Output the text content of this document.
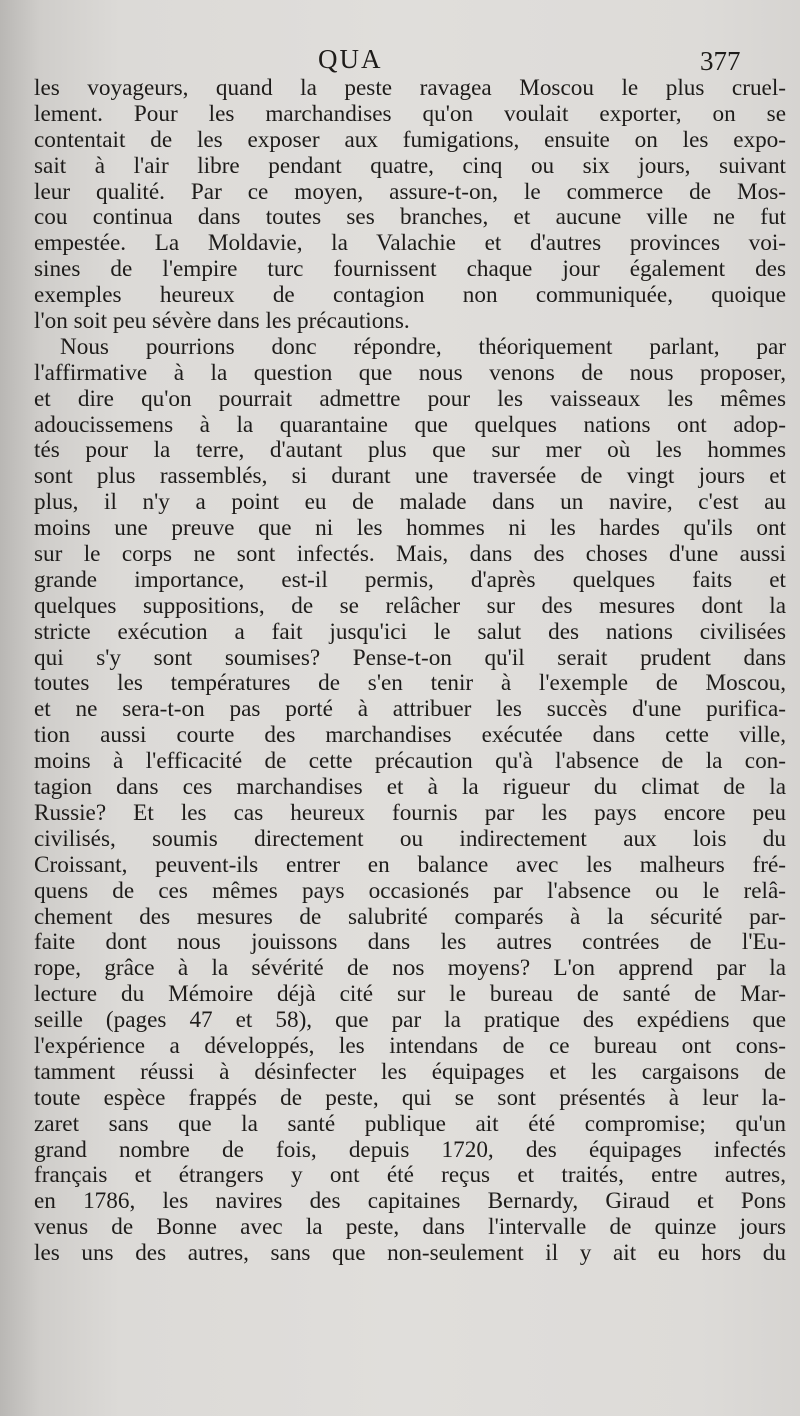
QUA	377
les voyageurs, quand la peste ravagea Moscou le plus cruel-
lement. Pour les marchandises qu'on voulait exporter, on se
contentait de les exposer aux fumigations, ensuite on les expo-
sait à l'air libre pendant quatre, cinq ou six jours, suivant
leur qualité. Par ce moyen, assure-t-on, le commerce de Mos-
cou continua dans toutes ses branches, et aucune ville ne fut
empestée. La Moldavie, la Valachie et d'autres provinces voi-
sines de l'empire turc fournissent chaque jour également des
exemples heureux de contagion non communiquée, quoique
l'on soit peu sévère dans les précautions.
Nous pourrions donc répondre, théoriquement parlant, par
l'affirmative à la question que nous venons de nous proposer,
et dire qu'on pourrait admettre pour les vaisseaux les mêmes
adoucissemens à la quarantaine que quelques nations ont adop-
tés pour la terre, d'autant plus que sur mer où les hommes
sont plus rassemblés, si durant une traversée de vingt jours et
plus, il n'y a point eu de malade dans un navire, c'est au
moins une preuve que ni les hommes ni les hardes qu'ils ont
sur le corps ne sont infectés. Mais, dans des choses d'une aussi
grande importance, est-il permis, d'après quelques faits et
quelques suppositions, de se relâcher sur des mesures dont la
stricte exécution a fait jusqu'ici le salut des nations civilisées
qui s'y sont soumises? Pense-t-on qu'il serait prudent dans
toutes les températures de s'en tenir à l'exemple de Moscou,
et ne sera-t-on pas porté à attribuer les succès d'une purifica-
tion aussi courte des marchandises exécutée dans cette ville,
moins à l'efficacité de cette précaution qu'à l'absence de la con-
tagion dans ces marchandises et à la rigueur du climat de la
Russie? Et les cas heureux fournis par les pays encore peu
civilisés, soumis directement ou indirectement aux lois du
Croissant, peuvent-ils entrer en balance avec les malheurs fré-
quens de ces mêmes pays occasionés par l'absence ou le relâ-
chement des mesures de salubrité comparés à la sécurité par-
faite dont nous jouissons dans les autres contrées de l'Eu-
rope, grâce à la sévérité de nos moyens? L'on apprend par la
lecture du Mémoire déjà cité sur le bureau de santé de Mar-
seille (pages 47 et 58), que par la pratique des expédiens que
l'expérience a développés, les intendans de ce bureau ont cons-
tamment réussi à désinfecter les équipages et les cargaisons de
toute espèce frappés de peste, qui se sont présentés à leur la-
zaret sans que la santé publique ait été compromise; qu'un
grand nombre de fois, depuis 1720, des équipages infectés
français et étrangers y ont été reçus et traités, entre autres,
en 1786, les navires des capitaines Bernardy, Giraud et Pons
venus de Bonne avec la peste, dans l'intervalle de quinze jours
les uns des autres, sans que non-seulement il y ait eu hors du
